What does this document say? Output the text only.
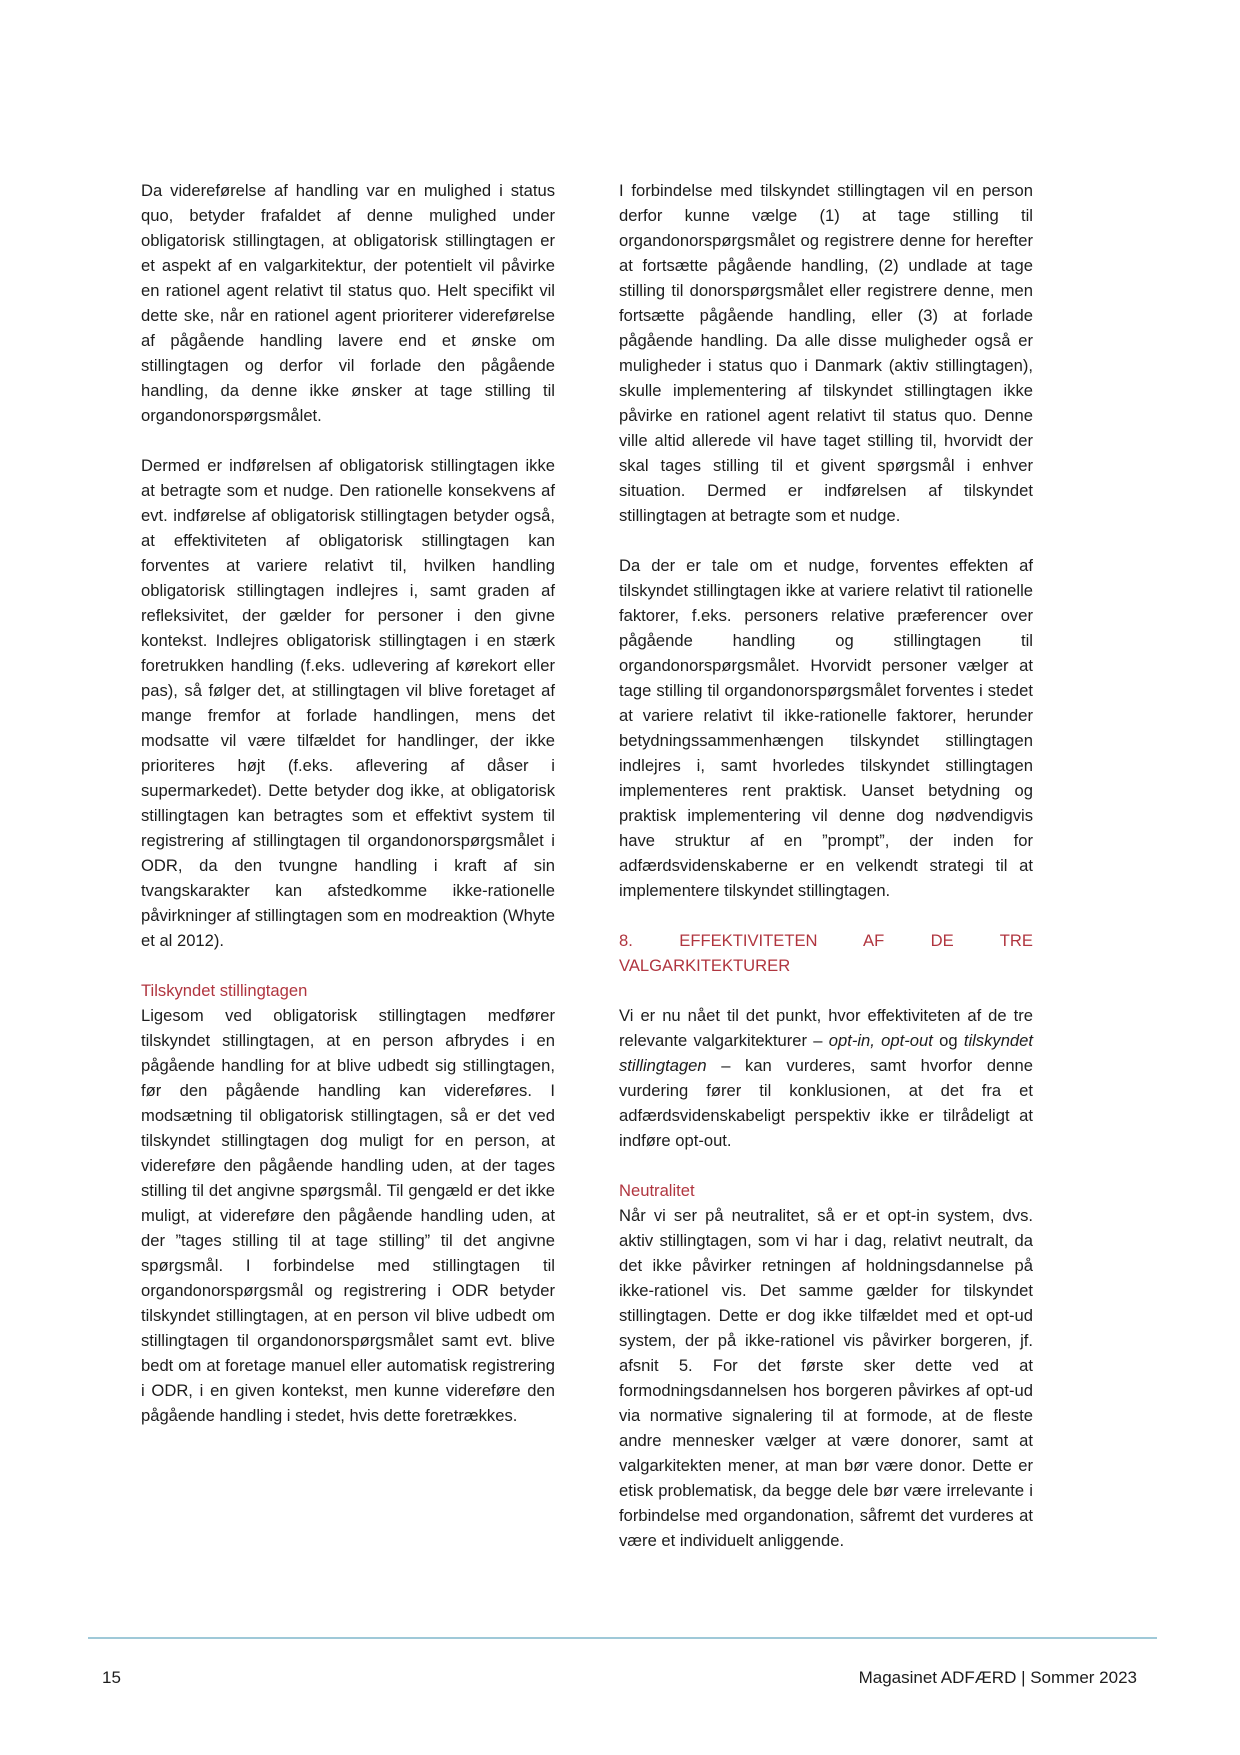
Da videreførelse af handling var en mulighed i status quo, betyder frafaldet af denne mulighed under obligatorisk stillingtagen, at obligatorisk stillingtagen er et aspekt af en valgarkitektur, der potentielt vil påvirke en rationel agent relativt til status quo. Helt specifikt vil dette ske, når en rationel agent prioriterer videreførelse af pågående handling lavere end et ønske om stillingtagen og derfor vil forlade den pågående handling, da denne ikke ønsker at tage stilling til organdonorspørgsmålet.

Dermed er indførelsen af obligatorisk stillingtagen ikke at betragte som et nudge. Den rationelle konsekvens af evt. indførelse af obligatorisk stillingtagen betyder også, at effektiviteten af obligatorisk stillingtagen kan forventes at variere relativt til, hvilken handling obligatorisk stillingtagen indlejres i, samt graden af refleksivitet, der gælder for personer i den givne kontekst. Indlejres obligatorisk stillingtagen i en stærk foretrukken handling (f.eks. udlevering af kørekort eller pas), så følger det, at stillingtagen vil blive foretaget af mange fremfor at forlade handlingen, mens det modsatte vil være tilfældet for handlinger, der ikke prioriteres højt (f.eks. aflevering af dåser i supermarkedet). Dette betyder dog ikke, at obligatorisk stillingtagen kan betragtes som et effektivt system til registrering af stillingtagen til organdonorspørgsmålet i ODR, da den tvungne handling i kraft af sin tvangskarakter kan afstedkomme ikke-rationelle påvirkninger af stillingtagen som en modreaktion (Whyte et al 2012).

Tilskyndet stillingtagen

Ligesom ved obligatorisk stillingtagen medfører tilskyndet stillingtagen, at en person afbrydes i en pågående handling for at blive udbedt sig stillingtagen, før den pågående handling kan videreføres. I modsætning til obligatorisk stillingtagen, så er det ved tilskyndet stillingtagen dog muligt for en person, at videreføre den pågående handling uden, at der tages stilling til det angivne spørgsmål. Til gengæld er det ikke muligt, at videreføre den pågående handling uden, at der ”tages stilling til at tage stilling” til det angivne spørgsmål. I forbindelse med stillingtagen til organdonorspørgsmål og registrering i ODR betyder tilskyndet stillingtagen, at en person vil blive udbedt om stillingtagen til organdonorspørgsmålet samt evt. blive bedt om at foretage manuel eller automatisk registrering i ODR, i en given kontekst, men kunne videreføre den pågående handling i stedet, hvis dette foretrækkes.

I forbindelse med tilskyndet stillingtagen vil en person derfor kunne vælge (1) at tage stilling til organdonorspørgsmålet og registrere denne for herefter at fortsætte pågående handling, (2) undlade at tage stilling til donorspørgsmålet eller registrere denne, men fortsætte pågående handling, eller (3) at forlade pågående handling. Da alle disse muligheder også er muligheder i status quo i Danmark (aktiv stillingtagen), skulle implementering af tilskyndet stillingtagen ikke påvirke en rationel agent relativt til status quo. Denne ville altid allerede vil have taget stilling til, hvorvidt der skal tages stilling til et givent spørgsmål i enhver situation. Dermed er indførelsen af tilskyndet stillingtagen at betragte som et nudge.

Da der er tale om et nudge, forventes effekten af tilskyndet stillingtagen ikke at variere relativt til rationelle faktorer, f.eks. personers relative præferencer over pågående handling og stillingtagen til organdonorspørgsmålet. Hvorvidt personer vælger at tage stilling til organdonorspørgsmålet forventes i stedet at variere relativt til ikke-rationelle faktorer, herunder betydningssammenhængen tilskyndet stillingtagen indlejres i, samt hvorledes tilskyndet stillingtagen implementeres rent praktisk. Uanset betydning og praktisk implementering vil denne dog nødvendigvis have struktur af en ”prompt”, der inden for adfærdsvidenskaberne er en velkendt strategi til at implementere tilskyndet stillingtagen.

8. EFFEKTIVITETEN AF DE TRE VALGARKITEKTURER

Vi er nu nået til det punkt, hvor effektiviteten af de tre relevante valgarkitekturer – opt-in, opt-out og tilskyndet stillingtagen – kan vurderes, samt hvorfor denne vurdering fører til konklusionen, at det fra et adfærdsvidenskabeligt perspektiv ikke er tilrådeligt at indføre opt-out.

Neutralitet

Når vi ser på neutralitet, så er et opt-in system, dvs. aktiv stillingtagen, som vi har i dag, relativt neutralt, da det ikke påvirker retningen af holdningsdannelse på ikke-rationel vis. Det samme gælder for tilskyndet stillingtagen. Dette er dog ikke tilfældet med et opt-ud system, der på ikke-rationel vis påvirker borgeren, jf. afsnit 5. For det første sker dette ved at formodningsdannelsen hos borgeren påvirkes af opt-ud via normative signalering til at formode, at de fleste andre mennesker vælger at være donorer, samt at valgarkitekten mener, at man bør være donor. Dette er etisk problematisk, da begge dele bør være irrelevante i forbindelse med organdonation, såfremt det vurderes at være et individuelt anliggende.

15	Magasinet ADFÆRD | Sommer 2023
